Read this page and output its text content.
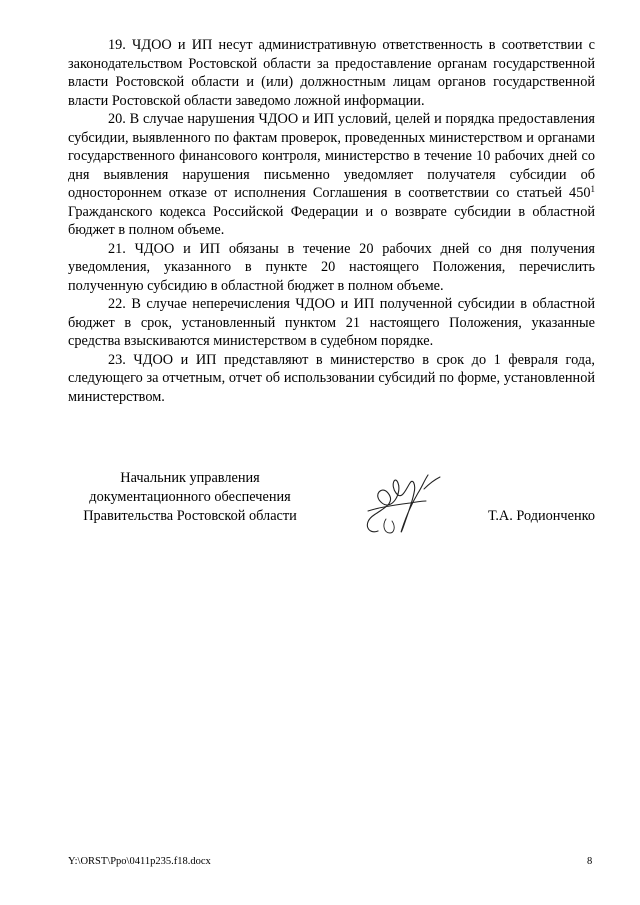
19. ЧДОО и ИП несут административную ответственность в соответствии с законодательством Ростовской области за предоставление органам государственной власти Ростовской области и (или) должностным лицам органов государственной власти Ростовской области заведомо ложной информации.

20. В случае нарушения ЧДОО и ИП условий, целей и порядка предоставления субсидии, выявленного по фактам проверок, проведенных министерством и органами государственного финансового контроля, министерство в течение 10 рабочих дней со дня выявления нарушения письменно уведомляет получателя субсидии об одностороннем отказе от исполнения Соглашения в соответствии со статьей $450^1$ Гражданского кодекса Российской Федерации и о возврате субсидии в областной бюджет в полном объеме.

21. ЧДОО и ИП обязаны в течение 20 рабочих дней со дня получения уведомления, указанного в пункте 20 настоящего Положения, перечислить полученную субсидию в областной бюджет в полном объеме.

22. В случае неперечисления ЧДОО и ИП полученной субсидии в областной бюджет в срок, установленный пунктом 21 настоящего Положения, указанные средства взыскиваются министерством в судебном порядке.

23. ЧДОО и ИП представляют в министерство в срок до 1 февраля года, следующего за отчетным, отчет об использовании субсидий по форме, установленной министерством.

Начальник управления
документационного обеспечения
Правительства Ростовской области	Т.А. Родионченко
Y:\ORST\Ppo\0411p235.f18.docx	8
